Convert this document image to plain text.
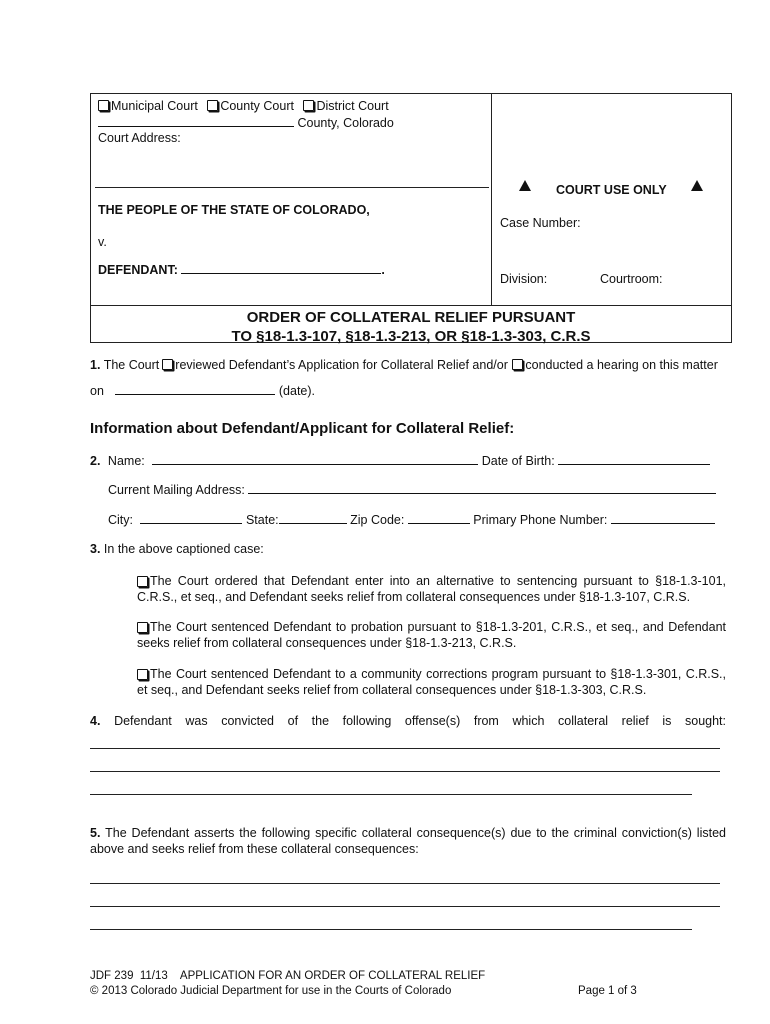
Municipal Court County Court District Court
County, Colorado
Court Address:
THE PEOPLE OF THE STATE OF COLORADO,
v.
DEFENDANT:	.
COURT USE ONLY
Case Number:
Division:	Courtroom:
ORDER OF COLLATERAL RELIEF PURSUANT
TO §18-1.3-107, §18-1.3-213, OR §18-1.3-303, C.R.S
1. The Court reviewed Defendant’s Application for Collateral Relief and/or conducted a hearing on this matter
on	(date).
Information about Defendant/Applicant for Collateral Relief:
2. Name:	Date of Birth:
Current Mailing Address:
City:	State:	Zip Code:	Primary Phone Number:
3. In the above captioned case:
The Court ordered that Defendant enter into an alternative to sentencing pursuant to §18-1.3-101, C.R.S., et seq., and Defendant seeks relief from collateral consequences under §18-1.3-107, C.R.S.
The Court sentenced Defendant to probation pursuant to §18-1.3-201, C.R.S., et seq., and Defendant seeks relief from collateral consequences under §18-1.3-213, C.R.S.
The Court sentenced Defendant to a community corrections program pursuant to §18-1.3-301, C.R.S., et seq., and Defendant seeks relief from collateral consequences under §18-1.3-303, C.R.S.
4. Defendant was convicted of the following offense(s) from which collateral relief is sought:
5. The Defendant asserts the following specific collateral consequence(s) due to the criminal conviction(s) listed above and seeks relief from these collateral consequences:
JDF 239  11/13    APPLICATION FOR AN ORDER OF COLLATERAL RELIEF
© 2013 Colorado Judicial Department for use in the Courts of Colorado	Page 1 of 3
